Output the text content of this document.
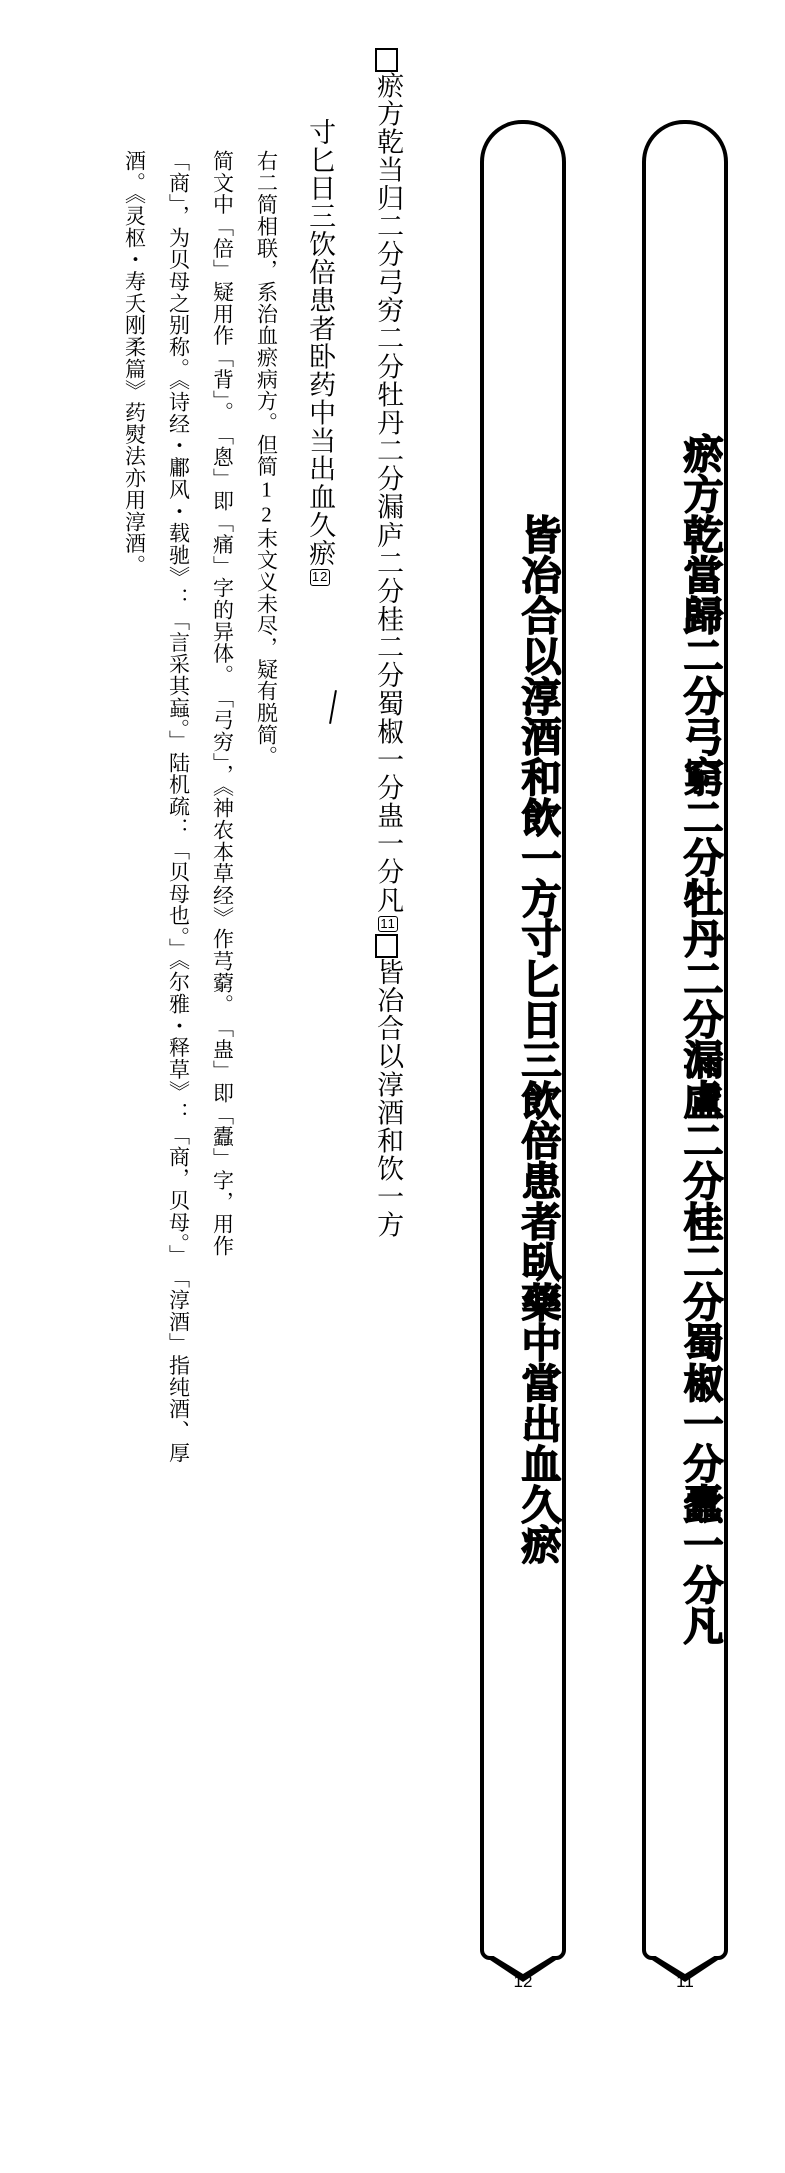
瘀方乾當歸二分弓窮二分牡丹二分漏盧二分桂二分蜀椒一分蠹一分凡
11
皆冶合以淳酒和飲一方寸匕日三飲倍患者臥藥中當出血久瘀
12
瘀方乾当归二分弓穷二分牡丹二分漏庐二分桂二分蜀椒一分蛊一分凡11皆冶合以淳酒和饮一方
寸匕日三饮倍患者卧药中当出血久瘀12
右二简相联，系治血瘀病方。但简12末文义未尽，疑有脱简。
简文中「倍」疑用作「背」。　「悤」即「痛」字的异体。　「弓穷」，《神农本草经》作芎藭。　「蛊」即「蠹」字，用作
「商」，为贝母之别称。《诗经・鄘风・载驰》：「言采其蝱。」陆机疏：「贝母也。」《尔雅・释草》：「商，贝母。」　「淳酒」指纯酒、厚
酒。《灵枢・寿夭刚柔篇》药熨法亦用淳酒。
